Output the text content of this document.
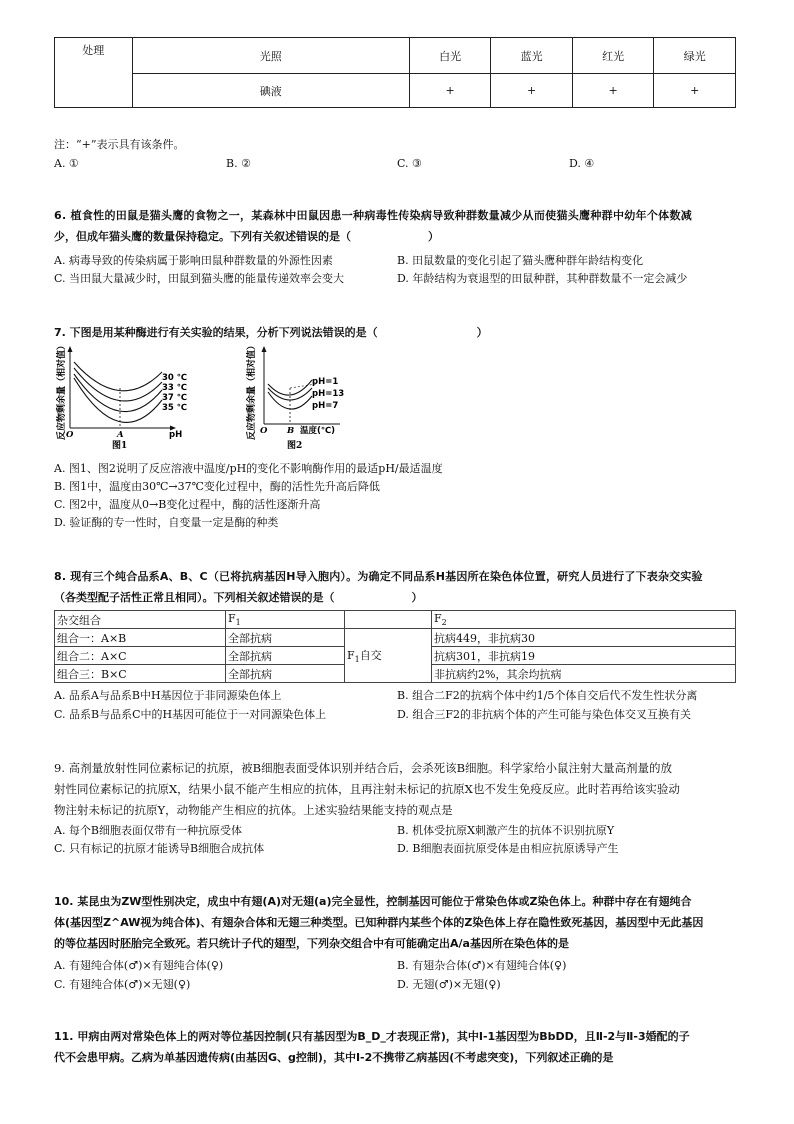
处理	光照	白光	蓝光	红光	绿光
	碘液	+	+	+	+
注：“+”表示具有该条件。
A. ①	B. ②	C. ③	D. ④
6. 植食性的田鼠是猫头鹰的食物之一，某森林中田鼠因患一种病毒性传染病导致种群数量减少从而使猫头鹰种群中幼年个体数减
少，但成年猫头鹰的数量保持稳定。下列有关叙述错误的是（　　　　　　　）
A. 病毒导致的传染病属于影响田鼠种群数量的外源性因素	B. 田鼠数量的变化引起了猫头鹰种群年龄结构变化
C. 当田鼠大量减少时，田鼠到猫头鹰的能量传递效率会变大	D. 年龄结构为衰退型的田鼠种群，其种群数量不一定会减少
7. 下图是用某种酶进行有关实验的结果，分析下列说法错误的是（　　　　　　　　　）
反应物剩余量（相对值）	30 ℃
33 ℃
37 ℃
35 ℃
O	A	pH
图1
反应物剩余量（相对值）	pH=1
pH=13
pH=7
O B 温度(℃)
图2
A. 图1、图2说明了反应溶液中温度/pH的变化不影响酶作用的最适pH/最适温度
B. 图1中，温度由30℃→37℃变化过程中，酶的活性先升高后降低
C. 图2中，温度从0→B变化过程中，酶的活性逐渐升高
D. 验证酶的专一性时，自变量一定是酶的种类
8. 现有三个纯合品系A、B、C（已将抗病基因H导入胞内）。为确定不同品系H基因所在染色体位置，研究人员进行了下表杂交实验
（各类型配子活性正常且相同）。下列相关叙述错误的是（　　　　　　　）
杂交组合	$F_1$		$F_2$
组合一：A×B	全部抗病	$F_1$自交	抗病449，非抗病30
组合二：A×C	全部抗病		抗病301，非抗病19
组合三：B×C	全部抗病		非抗病约2%，其余均抗病
A. 品系A与品系B中H基因位于非同源染色体上	B. 组合二F2的抗病个体中约1/5个体自交后代不发生性状分离
C. 品系B与品系C中的H基因可能位于一对同源染色体上	D. 组合三F2的非抗病个体的产生可能与染色体交叉互换有关
9. 高剂量放射性同位素标记的抗原，被B细胞表面受体识别并结合后，会杀死该B细胞。科学家给小鼠注射大量高剂量的放
射性同位素标记的抗原X，结果小鼠不能产生相应的抗体，且再注射未标记的抗原X也不发生免疫反应。此时若再给该实验动
物注射未标记的抗原Y，动物能产生相应的抗体。上述实验结果能支持的观点是
A. 每个B细胞表面仅带有一种抗原受体	B. 机体受抗原X刺激产生的抗体不识别抗原Y
C. 只有标记的抗原才能诱导B细胞合成抗体	D. B细胞表面抗原受体是由相应抗原诱导产生
10. 某昆虫为ZW型性别决定，成虫中有翅(A)对无翅(a)完全显性，控制基因可能位于常染色体或Z染色体上。种群中存在有翅纯合
体(基因型Z^AW视为纯合体)、有翅杂合体和无翅三种类型。已知种群内某些个体的Z染色体上存在隐性致死基因，基因型中无此基因
的等位基因时胚胎完全致死。若只统计子代的翅型，下列杂交组合中有可能确定出A/a基因所在染色体的是
A. 有翅纯合体(♂)×有翅纯合体(♀)	B. 有翅杂合体(♂)×有翅纯合体(♀)
C. 有翅纯合体(♂)×无翅(♀)	D. 无翅(♂)×无翅(♀)
11. 甲病由两对常染色体上的两对等位基因控制(只有基因型为B_D_才表现正常)，其中Ⅰ-1基因型为BbDD，且Ⅱ-2与Ⅱ-3婚配的子
代不会患甲病。乙病为单基因遗传病(由基因G、g控制)，其中Ⅰ-2不携带乙病基因(不考虑突变)，下列叙述正确的是
